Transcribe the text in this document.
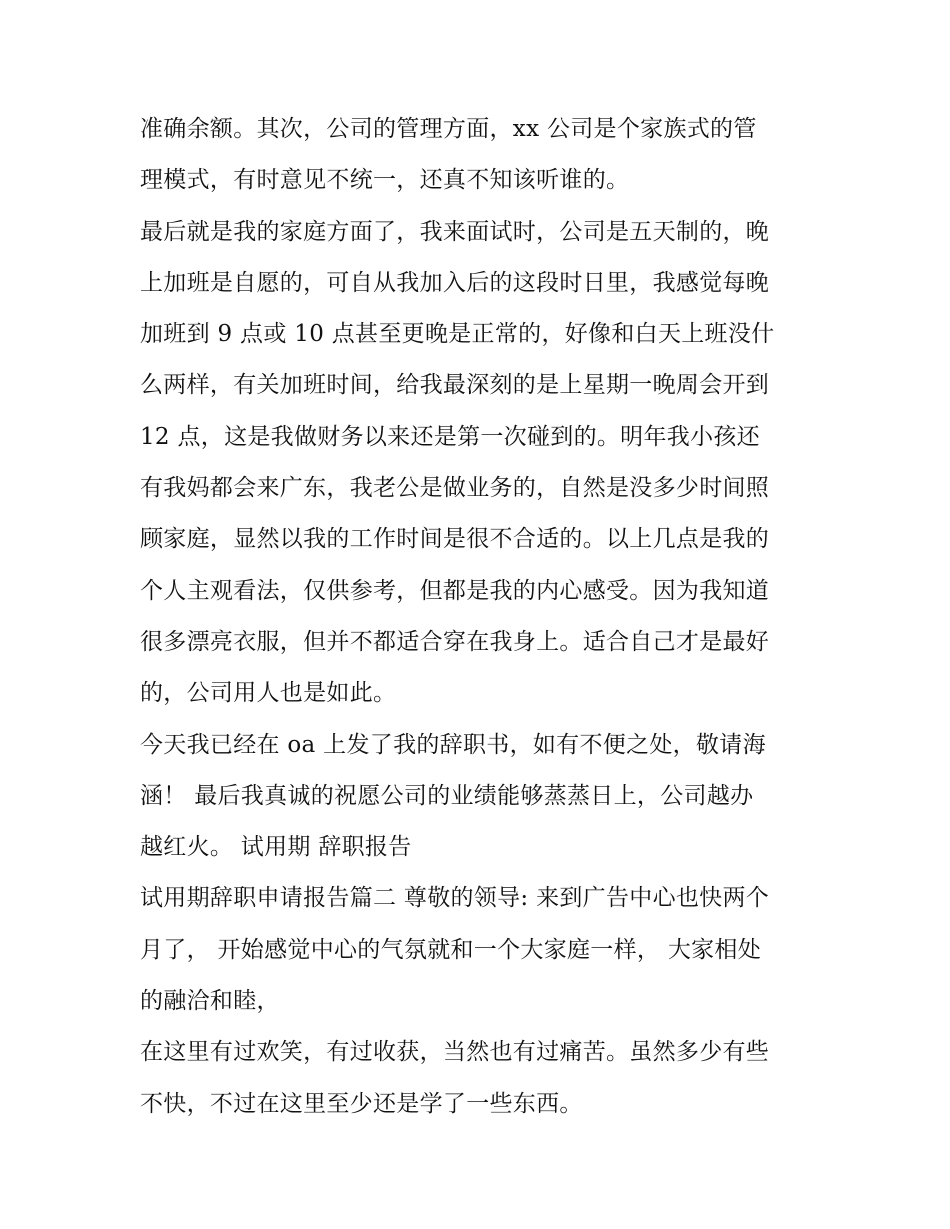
准确余额。其次，公司的管理方面，xx 公司是个家族式的管
理模式，有时意见不统一，还真不知该听谁的。
最后就是我的家庭方面了，我来面试时，公司是五天制的，晚
上加班是自愿的，可自从我加入后的这段时日里，我感觉每晚
加班到 9 点或 10 点甚至更晚是正常的，好像和白天上班没什
么两样，有关加班时间，给我最深刻的是上星期一晚周会开到
12 点，这是我做财务以来还是第一次碰到的。明年我小孩还
有我妈都会来广东，我老公是做业务的，自然是没多少时间照
顾家庭，显然以我的工作时间是很不合适的。以上几点是我的
个人主观看法，仅供参考，但都是我的内心感受。因为我知道
很多漂亮衣服，但并不都适合穿在我身上。适合自己才是最好
的，公司用人也是如此。
今天我已经在 oa 上发了我的辞职书，如有不便之处，敬请海
涵！ 最后我真诚的祝愿公司的业绩能够蒸蒸日上，公司越办
越红火。 试用期 辞职报告
试用期辞职申请报告篇二 尊敬的领导: 来到广告中心也快两个
月了， 开始感觉中心的气氛就和一个大家庭一样， 大家相处
的融洽和睦，
在这里有过欢笑，有过收获，当然也有过痛苦。虽然多少有些
不快，不过在这里至少还是学了一些东西。
